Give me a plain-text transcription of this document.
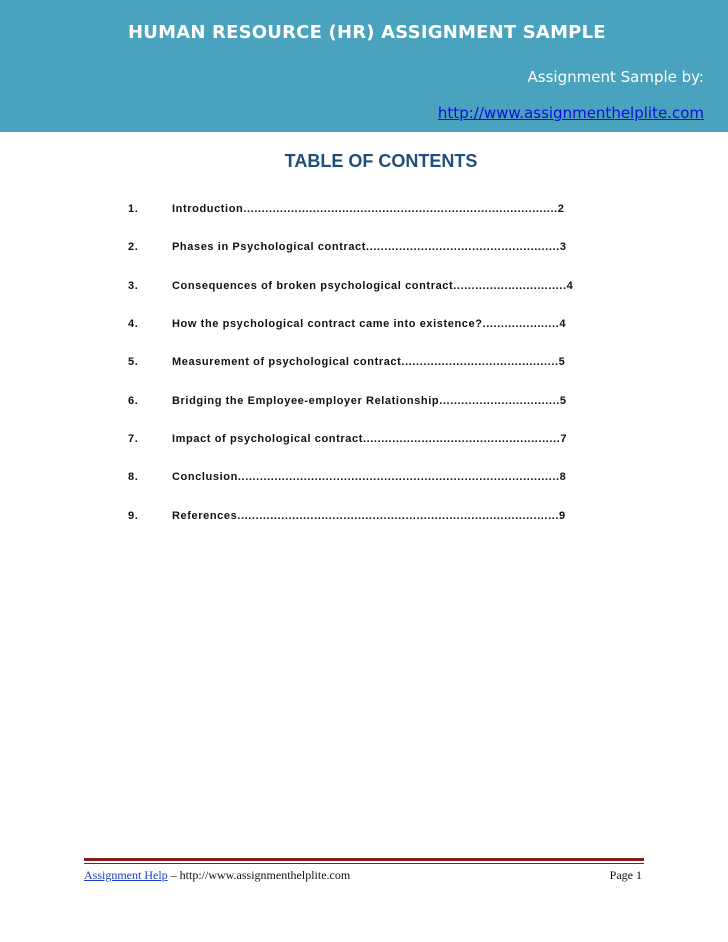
HUMAN RESOURCE (HR) ASSIGNMENT SAMPLE
Assignment Sample by:
http://www.assignmenthelplite.com
TABLE OF CONTENTS
1.	Introduction......................................................................................2
2.	Phases in Psychological contract.....................................................3
3.	Consequences of broken psychological contract...............................4
4.	How the psychological contract came into existence?.....................4
5.	Measurement of psychological contract...........................................5
6.	Bridging the Employee-employer Relationship.................................5
7.	Impact of psychological contract......................................................7
8.	Conclusion........................................................................................8
9.	References........................................................................................9
Assignment Help – http://www.assignmenthelplite.com	Page 1
